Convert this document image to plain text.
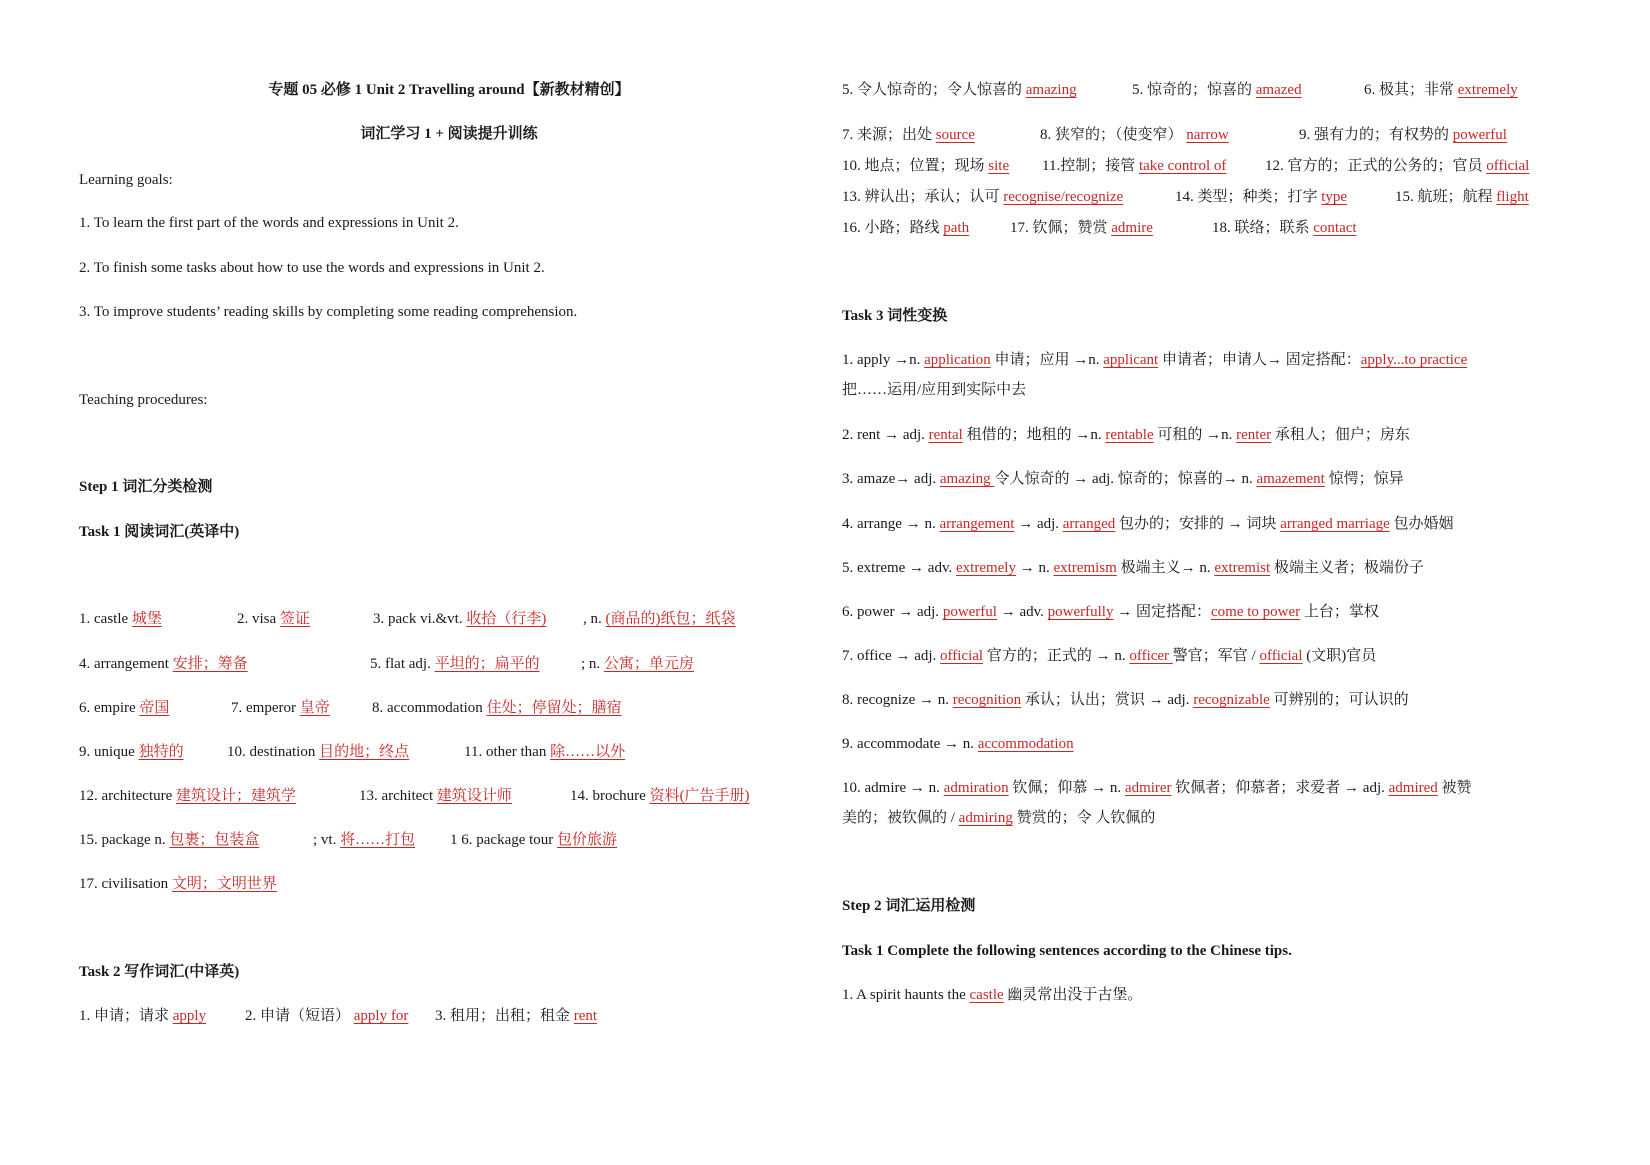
专题 05 必修 1 Unit 2 Travelling around【新教材精创】
词汇学习 1 + 阅读提升训练
Learning goals:
1. To learn the first part of the words and expressions in Unit 2.
2. To finish some tasks about how to use the words and expressions in Unit 2.
3. To improve students’ reading skills by completing some reading comprehension.
Teaching procedures:
Step 1 词汇分类检测
Task 1 阅读词汇(英译中)
1. castle 城堡	2. visa 签证	3. pack vi.&vt. 收拾（行李) , n. (商品的)纸包；纸袋
4. arrangement 安排；筹备	5. flat adj. 平坦的；扁平的	; n. 公寓；单元房
6. empire 帝国	7. emperor 皇帝	8. accommodation 住处；停留处；膳宿
9. unique 独特的	10. destination 目的地；终点	11. other than 除……以外
12. architecture 建筑设计；建筑学	13. architect 建筑设计师	14. brochure 资料(广告手册)
15. package n. 包裹；包装盒	; vt. 将……打包 1 6. package tour 包价旅游
17. civilisation 文明；文明世界
Task 2 写作词汇(中译英)
1. 申请；请求 apply	2. 申请（短语） apply for 3. 租用；出租；租金 rent
5. 令人惊奇的；令人惊喜的 amazing	5. 惊奇的；惊喜的 amazed	6. 极其；非常 extremely
7. 来源；出处 source	8. 狭窄的；（使变窄） narrow	9. 强有力的；有权势的 powerful
10. 地点；位置；现场 site 11.控制；接管 take control of	12. 官方的；正式的公务的；官员 official
13. 辨认出；承认；认可 recognise/recognize	14. 类型；种类；打字 type	15. 航班；航程 flight
16. 小路；路线 path	17. 钦佩；赞赏 admire	18. 联络；联系 contact
Task 3 词性变换
1. apply →n. application 申请；应用 →n. applicant 申请者；申请人→ 固定搭配：apply...to practice
把……运用/应用到实际中去
2. rent → adj. rental 租借的；地租的 →n. rentable 可租的 →n. renter 承租人；佃户；房东
3. amaze→ adj. amazing 令人惊奇的 → adj. 惊奇的；惊喜的→ n. amazement 惊愕；惊异
4. arrange → n. arrangement → adj. arranged 包办的；安排的 → 词块 arranged marriage 包办婚姻
5. extreme → adv. extremely → n. extremism 极端主义→ n. extremist 极端主义者；极端份子
6. power → adj. powerful → adv. powerfully → 固定搭配：come to power 上台；掌权
7. office → adj. official 官方的；正式的 → n. officer 警官；军官 / official (文职)官员
8. recognize → n. recognition 承认；认出；赏识 → adj. recognizable 可辨别的；可认识的
9. accommodate → n. accommodation
10. admire → n. admiration 钦佩；仰慕 → n. admirer 钦佩者；仰慕者；求爱者 → adj. admired 被赞
美的；被钦佩的 / admiring 赞赏的；令 人钦佩的
Step 2 词汇运用检测
Task 1 Complete the following sentences according to the Chinese tips.
1. A spirit haunts the castle 幽灵常出没于古堡。
